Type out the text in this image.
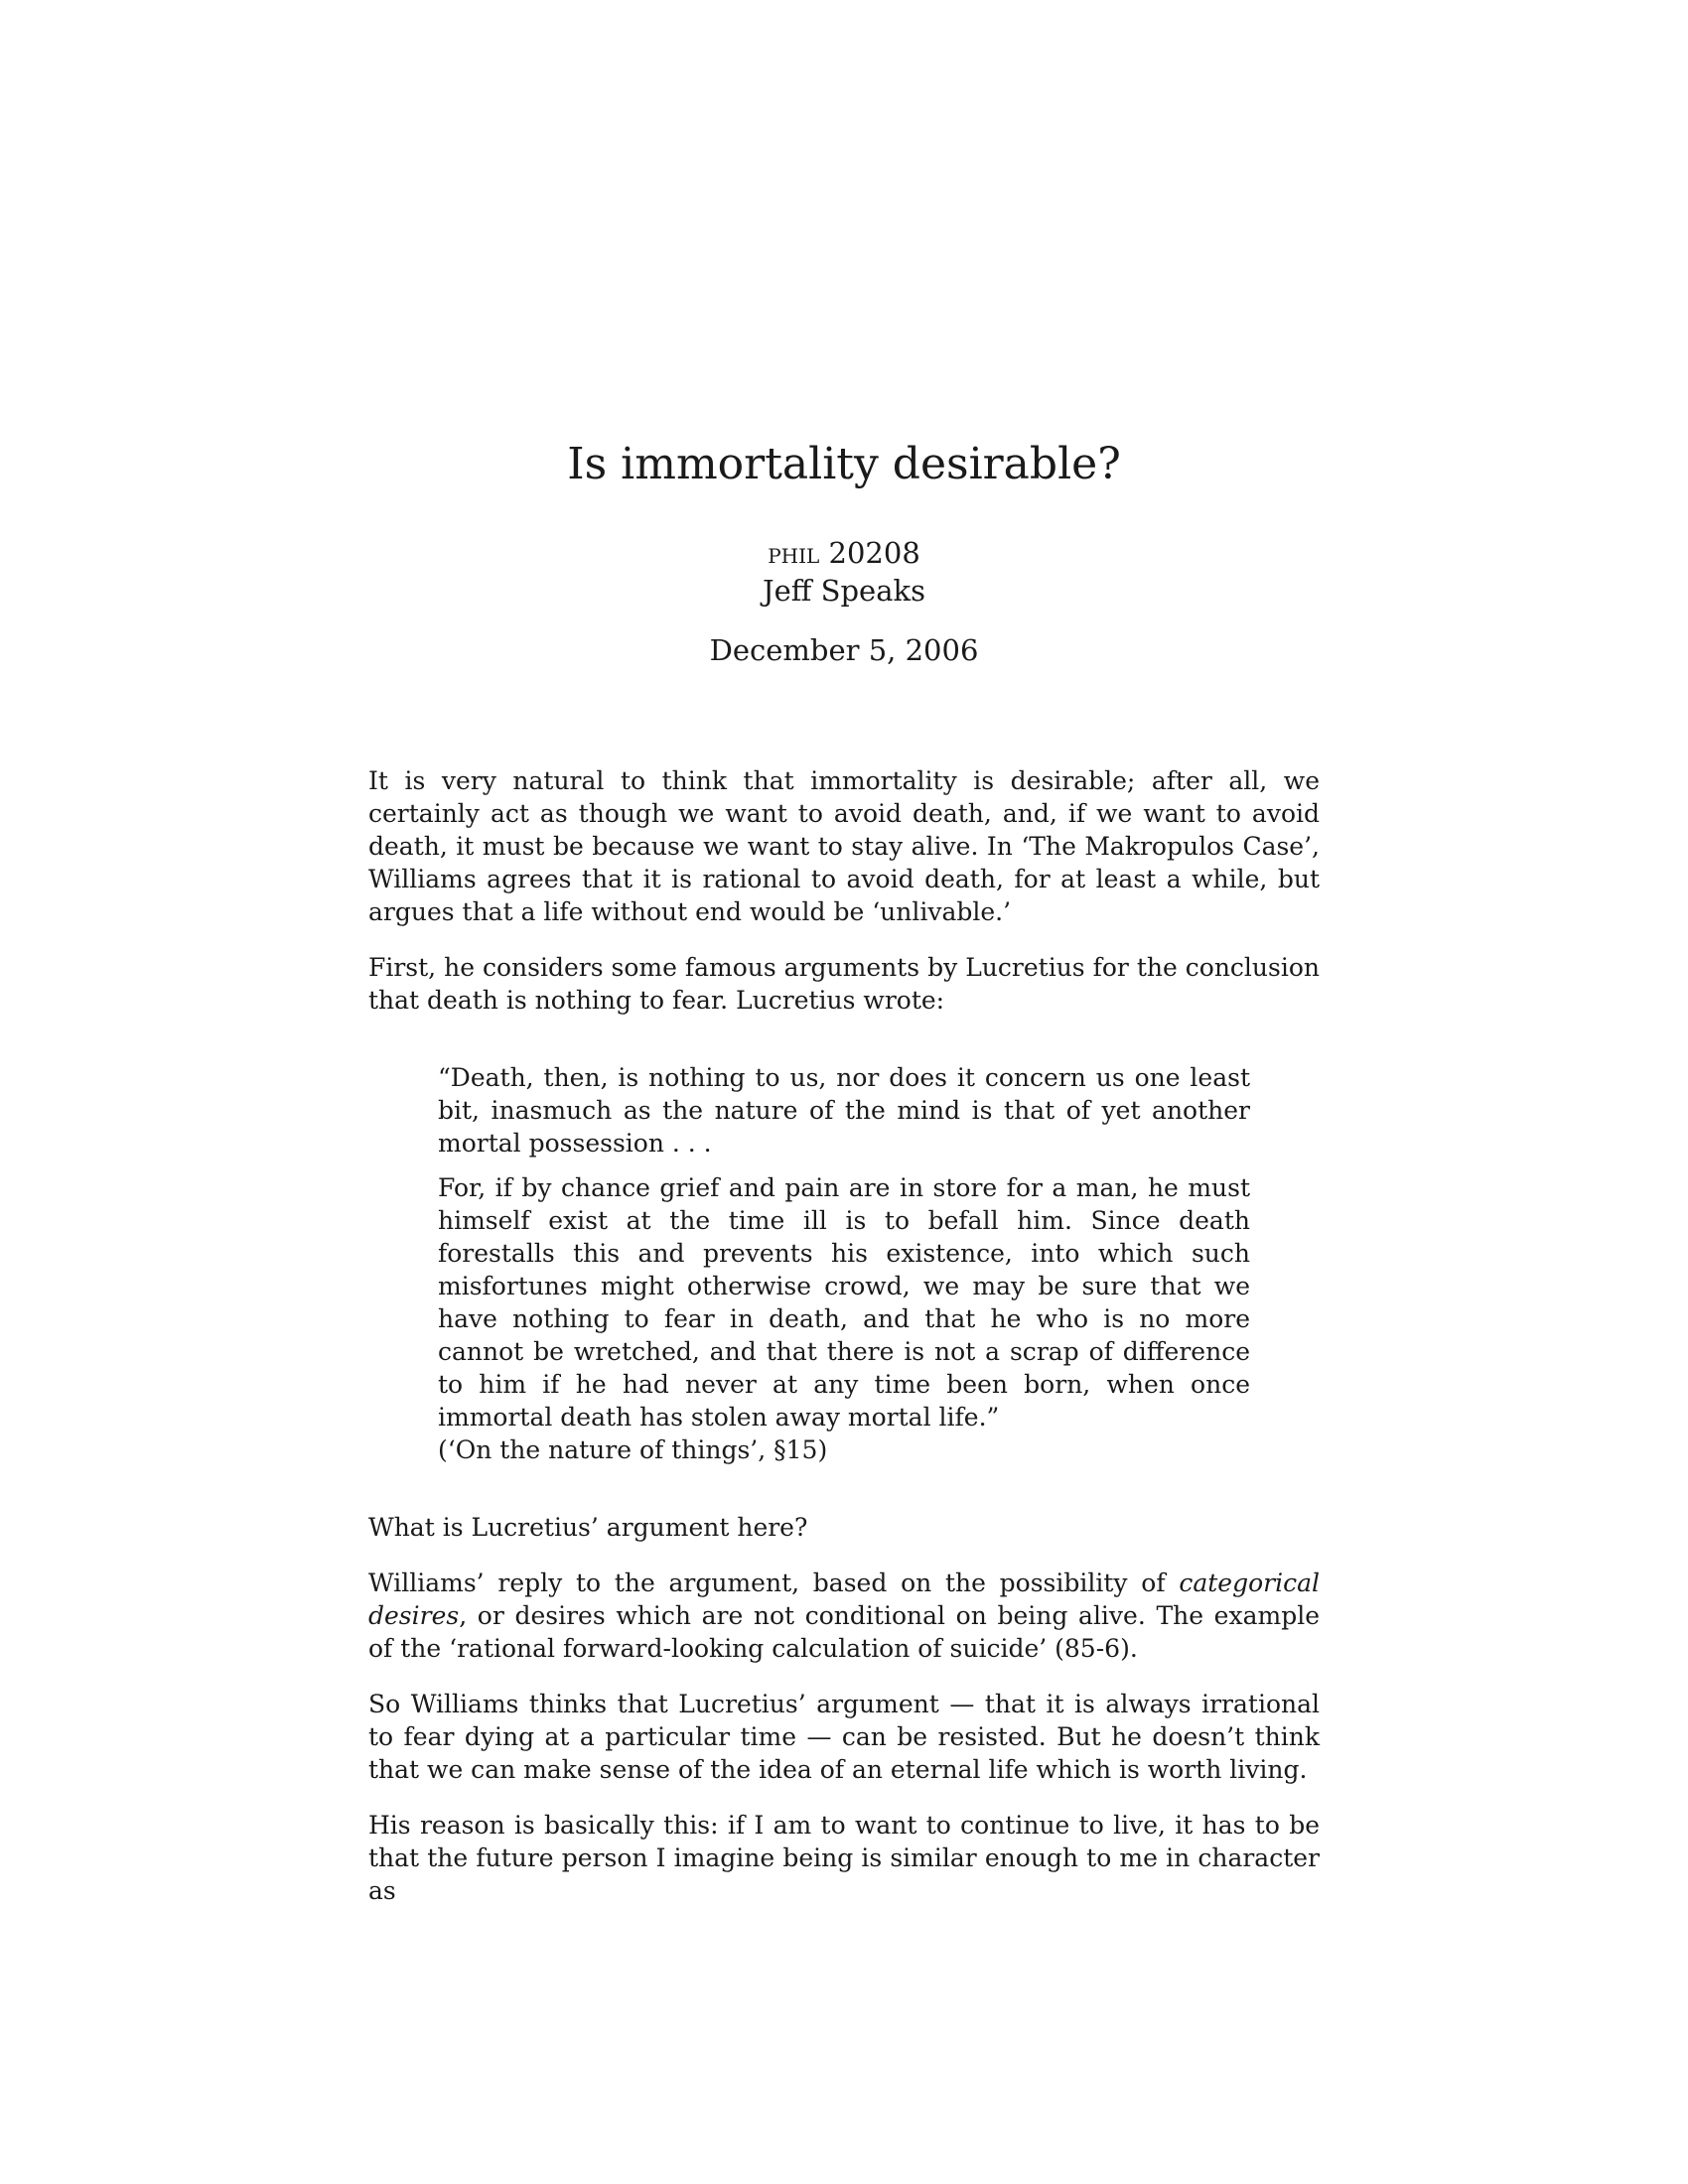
Is immortality desirable?
phil 20208
Jeff Speaks
December 5, 2006

It is very natural to think that immortality is desirable; after all, we certainly act as though we want to avoid death, and, if we want to avoid death, it must be because we want to stay alive. In ‘The Makropulos Case’, Williams agrees that it is rational to avoid death, for at least a while, but argues that a life without end would be ‘unlivable.’

First, he considers some famous arguments by Lucretius for the conclusion that death is nothing to fear. Lucretius wrote:

“Death, then, is nothing to us, nor does it concern us one least bit, inasmuch as the nature of the mind is that of yet another mortal possession . . .

For, if by chance grief and pain are in store for a man, he must himself exist at the time ill is to befall him. Since death forestalls this and prevents his existence, into which such misfortunes might otherwise crowd, we may be sure that we have nothing to fear in death, and that he who is no more cannot be wretched, and that there is not a scrap of difference to him if he had never at any time been born, when once immortal death has stolen away mortal life.”

(‘On the nature of things’, §15)

What is Lucretius’ argument here?

Williams’ reply to the argument, based on the possibility of categorical desires, or desires which are not conditional on being alive. The example of the ‘rational forward-looking calculation of suicide’ (85-6).

So Williams thinks that Lucretius’ argument — that it is always irrational to fear dying at a particular time — can be resisted. But he doesn’t think that we can make sense of the idea of an eternal life which is worth living.

His reason is basically this: if I am to want to continue to live, it has to be that the future person I imagine being is similar enough to me in character as
